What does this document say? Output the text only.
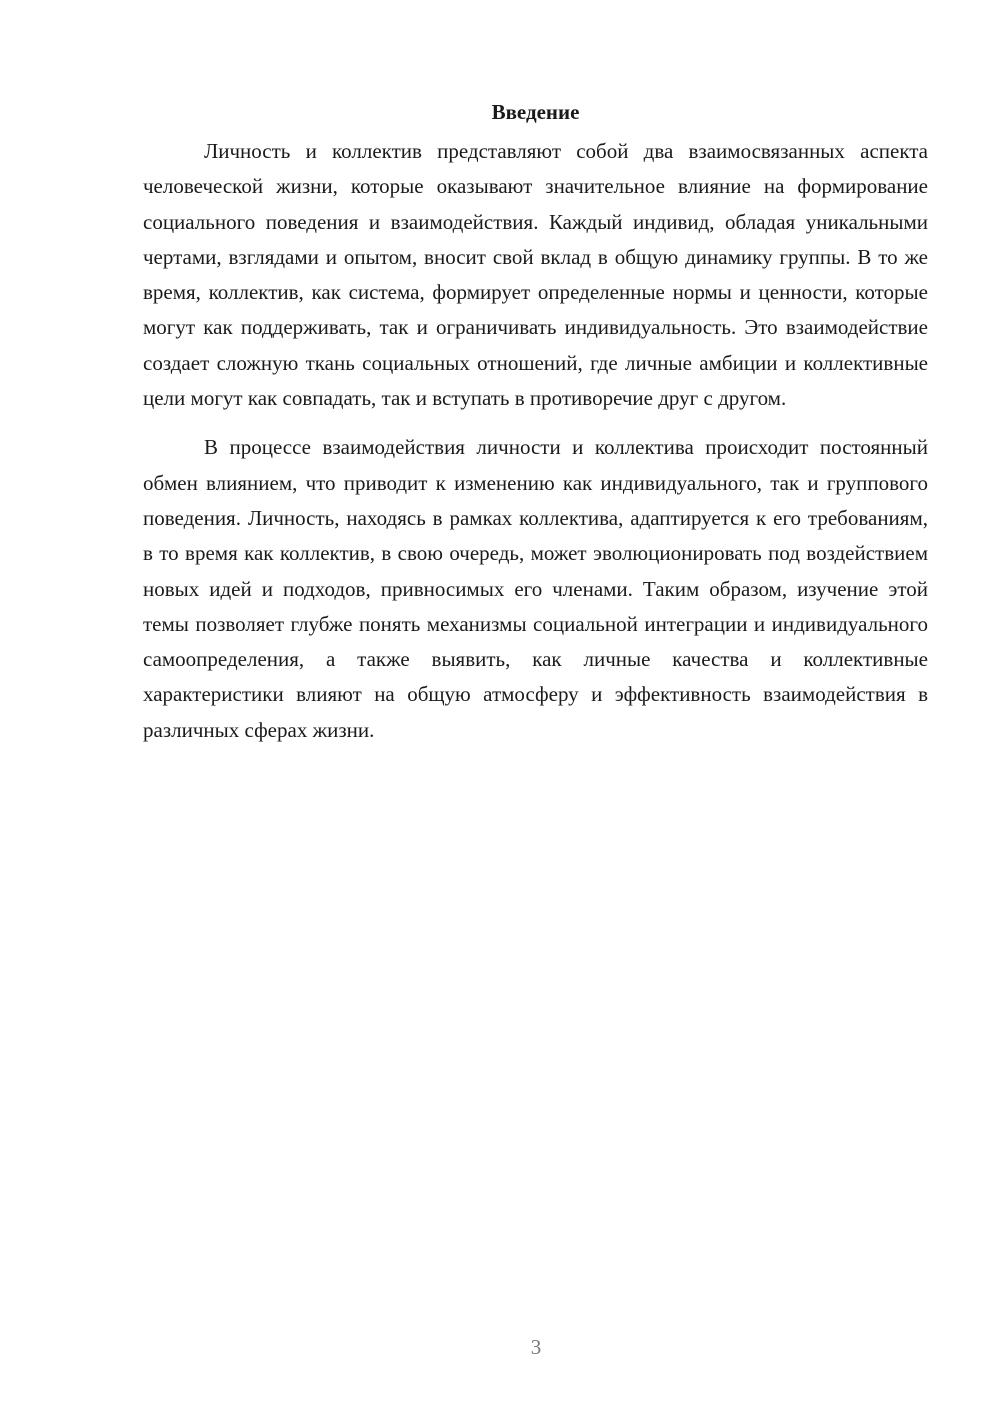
Введение

Личность и коллектив представляют собой два взаимосвязанных аспекта человеческой жизни, которые оказывают значительное влияние на формирование социального поведения и взаимодействия. Каждый индивид, обладая уникальными чертами, взглядами и опытом, вносит свой вклад в общую динамику группы. В то же время, коллектив, как система, формирует определенные нормы и ценности, которые могут как поддерживать, так и ограничивать индивидуальность. Это взаимодействие создает сложную ткань социальных отношений, где личные амбиции и коллективные цели могут как совпадать, так и вступать в противоречие друг с другом.

В процессе взаимодействия личности и коллектива происходит постоянный обмен влиянием, что приводит к изменению как индивидуального, так и группового поведения. Личность, находясь в рамках коллектива, адаптируется к его требованиям, в то время как коллектив, в свою очередь, может эволюционировать под воздействием новых идей и подходов, привносимых его членами. Таким образом, изучение этой темы позволяет глубже понять механизмы социальной интеграции и индивидуального самоопределения, а также выявить, как личные качества и коллективные характеристики влияют на общую атмосферу и эффективность взаимодействия в различных сферах жизни.

3
